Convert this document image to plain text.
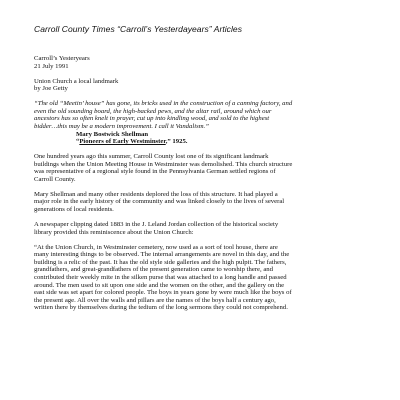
Carroll County Times “Carroll’s Yesterdayears” Articles
Carroll’s Yesteryears
21 July 1991
Union Church a local landmark
by Joe Getty
“The old “Meetin’ house” has gone, its bricks used in the construction of a canning factory, and
even the old sounding board, the high-backed pews, and the altar rail, around which our
ancestors has so often knelt in prayer, cut up into kindling wood, and sold to the highest
bidder…this may be a modern improvement. I call it Vandalism.”
Mary Bostwick Shellman
“Pioneers of Early Westminster,” 1925.
One hundred years ago this summer, Carroll County lost one of its significant landmark
buildings when the Union Meeting House in Westminster was demolished. This church structure
was representative of a regional style found in the Pennsylvania German settled regions of
Carroll County.
Mary Shellman and many other residents deplored the loss of this structure. It had played a
major role in the early history of the community and was linked closely to the lives of several
generations of local residents.
A newspaper clipping dated 1883 in the J. Leland Jordan collection of the historical society
library provided this reminiscence about the Union Church:
“At the Union Church, in Westminster cemetery, now used as a sort of tool house, there are
many interesting things to be observed. The internal arrangements are novel in this day, and the
building is a relic of the past. It has the old style side galleries and the high pulpit. The fathers,
grandfathers, and great-grandfathers of the present generation came to worship there, and
contributed their weekly mite in the silken purse that was attached to a long handle and passed
around. The men used to sit upon one side and the women on the other, and the gallery on the
east side was set apart for colored people. The boys in years gone by were much like the boys of
the present age. All over the walls and pillars are the names of the boys half a century ago,
written there by themselves during the tedium of the long sermons they could not comprehend.
